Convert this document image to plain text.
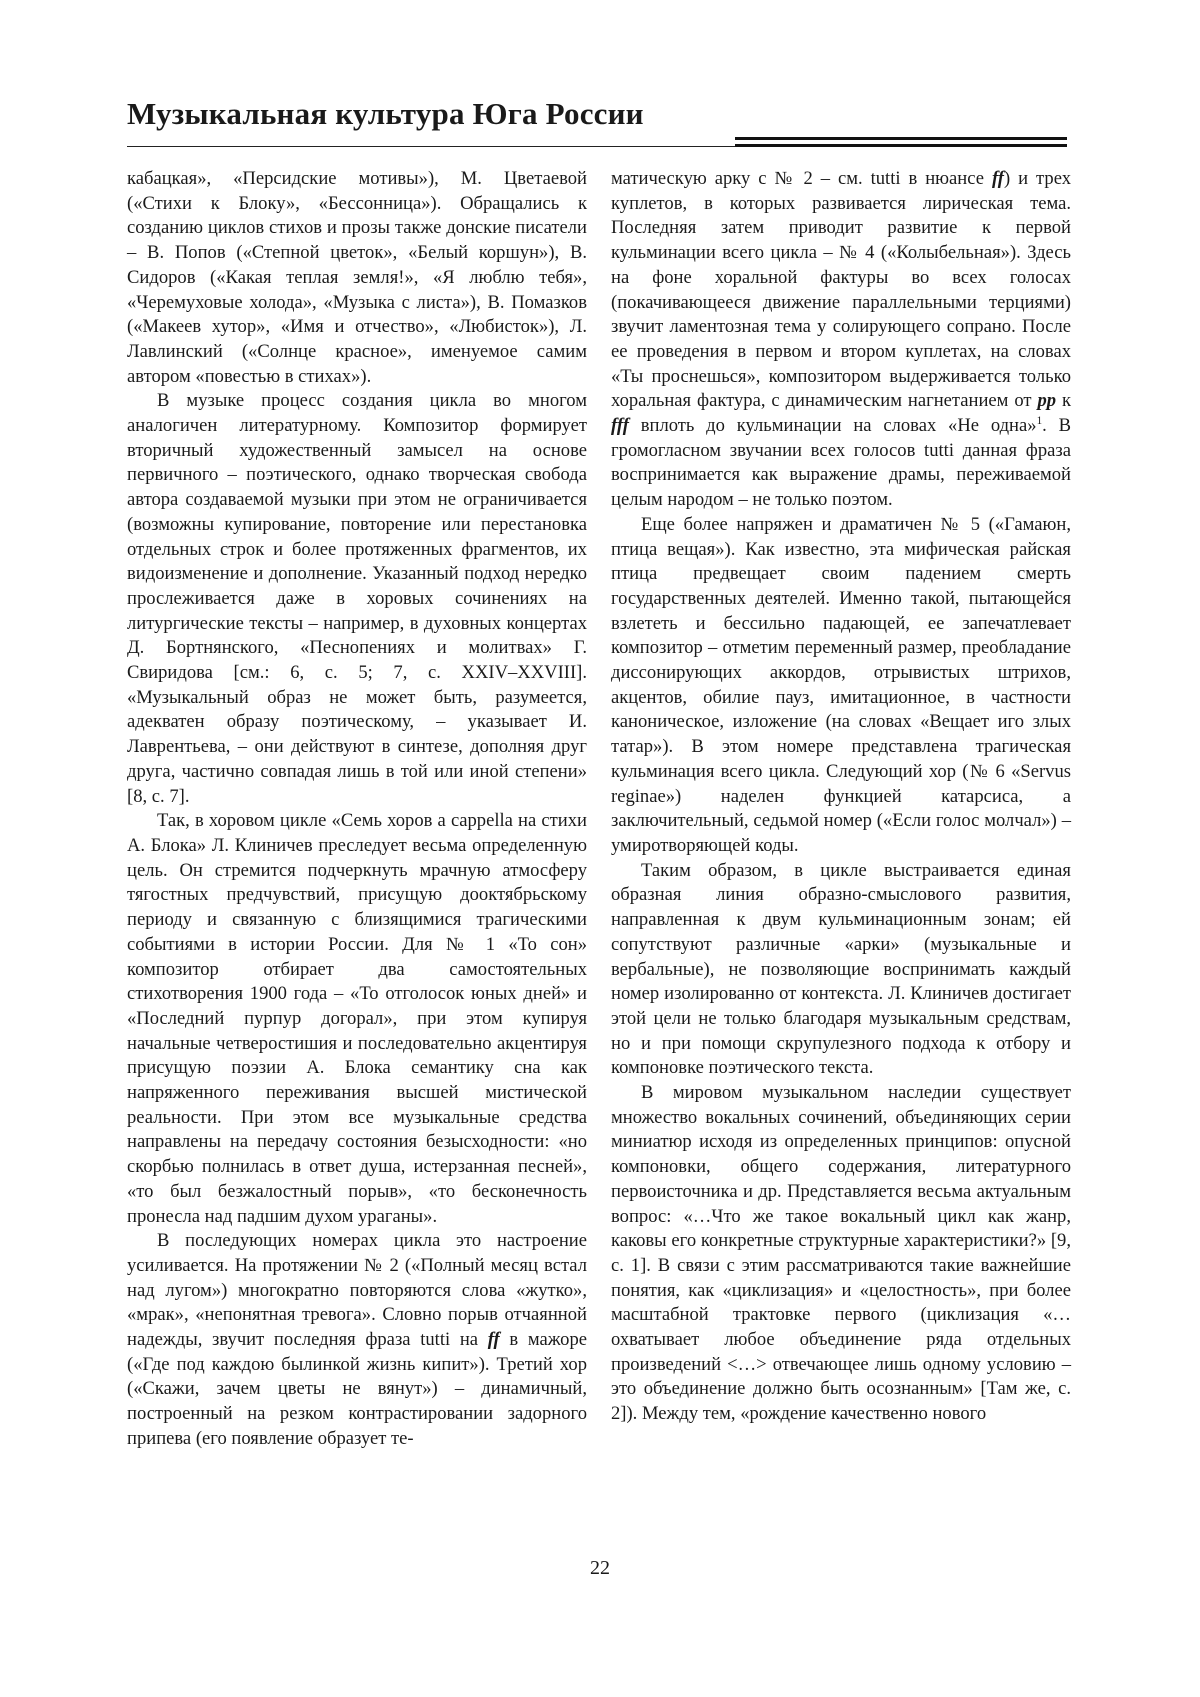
Музыкальная культура Юга России

кабацкая», «Персидские мотивы»), М. Цветаевой («Стихи к Блоку», «Бессонница»). Обращались к созданию циклов стихов и прозы также донские писатели – В. Попов («Степной цветок», «Белый коршун»), В. Сидоров («Какая теплая земля!», «Я люблю тебя», «Черемуховые холода», «Музыка с листа»), В. Помазков («Макеев хутор», «Имя и отчество», «Любисток»), Л. Лавлинский («Солнце красное», именуемое самим автором «повестью в стихах»).

В музыке процесс создания цикла во многом аналогичен литературному. Композитор формирует вторичный художественный замысел на основе первичного – поэтического, однако творческая свобода автора создаваемой музыки при этом не ограничивается (возможны купирование, повторение или перестановка отдельных строк и более протяженных фрагментов, их видоизменение и дополнение. Указанный подход нередко прослеживается даже в хоровых сочинениях на литургические тексты – например, в духовных концертах Д. Бортнянского, «Песнопениях и молитвах» Г. Свиридова [см.: 6, с. 5; 7, с. XXIV–XXVIII]. «Музыкальный образ не может быть, разумеется, адекватен образу поэтическому, – указывает И. Лаврентьева, – они действуют в синтезе, дополняя друг друга, частично совпадая лишь в той или иной степени» [8, с. 7].

Так, в хоровом цикле «Семь хоров a cappella на стихи А. Блока» Л. Клиничев преследует весьма определенную цель. Он стремится подчеркнуть мрачную атмосферу тягостных предчувствий, присущую дооктябрьскому периоду и связанную с близящимися трагическими событиями в истории России. Для № 1 «То сон» композитор отбирает два самостоятельных стихотворения 1900 года – «То отголосок юных дней» и «Последний пурпур догорал», при этом купируя начальные четверостишия и последовательно акцентируя присущую поэзии А. Блока семантику сна как напряженного переживания высшей мистической реальности. При этом все музыкальные средства направлены на передачу состояния безысходности: «но скорбью полнилась в ответ душа, истерзанная песней», «то был безжалостный порыв», «то бесконечность пронесла над падшим духом ураганы».

В последующих номерах цикла это настроение усиливается. На протяжении № 2 («Полный месяц встал над лугом») многократно повторяются слова «жутко», «мрак», «непонятная тревога». Словно порыв отчаянной надежды, звучит последняя фраза tutti на ff в мажоре («Где под каждою былинкой жизнь кипит»). Третий хор («Скажи, зачем цветы не вянут») – динамичный, построенный на резком контрастировании задорного припева (его появление образует те-

матическую арку с № 2 – см. tutti в нюансе ff) и трех куплетов, в которых развивается лирическая тема. Последняя затем приводит развитие к первой кульминации всего цикла – № 4 («Колыбельная»). Здесь на фоне хоральной фактуры во всех голосах (покачивающееся движение параллельными терциями) звучит ламентозная тема у солирующего сопрано. После ее проведения в первом и втором куплетах, на словах «Ты проснешься», композитором выдерживается только хоральная фактура, с динамическим нагнетанием от pp к fff вплоть до кульминации на словах «Не одна»$^1$. В громогласном звучании всех голосов tutti данная фраза воспринимается как выражение драмы, переживаемой целым народом – не только поэтом.

Еще более напряжен и драматичен № 5 («Гамаюн, птица вещая»). Как известно, эта мифическая райская птица предвещает своим падением смерть государственных деятелей. Именно такой, пытающейся взлететь и бессильно падающей, ее запечатлевает композитор – отметим переменный размер, преобладание диссонирующих аккордов, отрывистых штрихов, акцентов, обилие пауз, имитационное, в частности каноническое, изложение (на словах «Вещает иго злых татар»). В этом номере представлена трагическая кульминация всего цикла. Следующий хор (№ 6 «Servus reginae») наделен функцией катарсиса, а заключительный, седьмой номер («Если голос молчал») – умиротворяющей коды.

Таким образом, в цикле выстраивается единая образная линия образно-смыслового развития, направленная к двум кульминационным зонам; ей сопутствуют различные «арки» (музыкальные и вербальные), не позволяющие воспринимать каждый номер изолированно от контекста. Л. Клиничев достигает этой цели не только благодаря музыкальным средствам, но и при помощи скрупулезного подхода к отбору и компоновке поэтического текста.

В мировом музыкальном наследии существует множество вокальных сочинений, объединяющих серии миниатюр исходя из определенных принципов: опусной компоновки, общего содержания, литературного первоисточника и др. Представляется весьма актуальным вопрос: «…Что же такое вокальный цикл как жанр, каковы его конкретные структурные характеристики?» [9, с. 1]. В связи с этим рассматриваются такие важнейшие понятия, как «циклизация» и «целостность», при более масштабной трактовке первого (циклизация «…охватывает любое объединение ряда отдельных произведений <…> отвечающее лишь одному условию – это объединение должно быть осознанным» [Там же, с. 2]). Между тем, «рождение качественно нового

22
